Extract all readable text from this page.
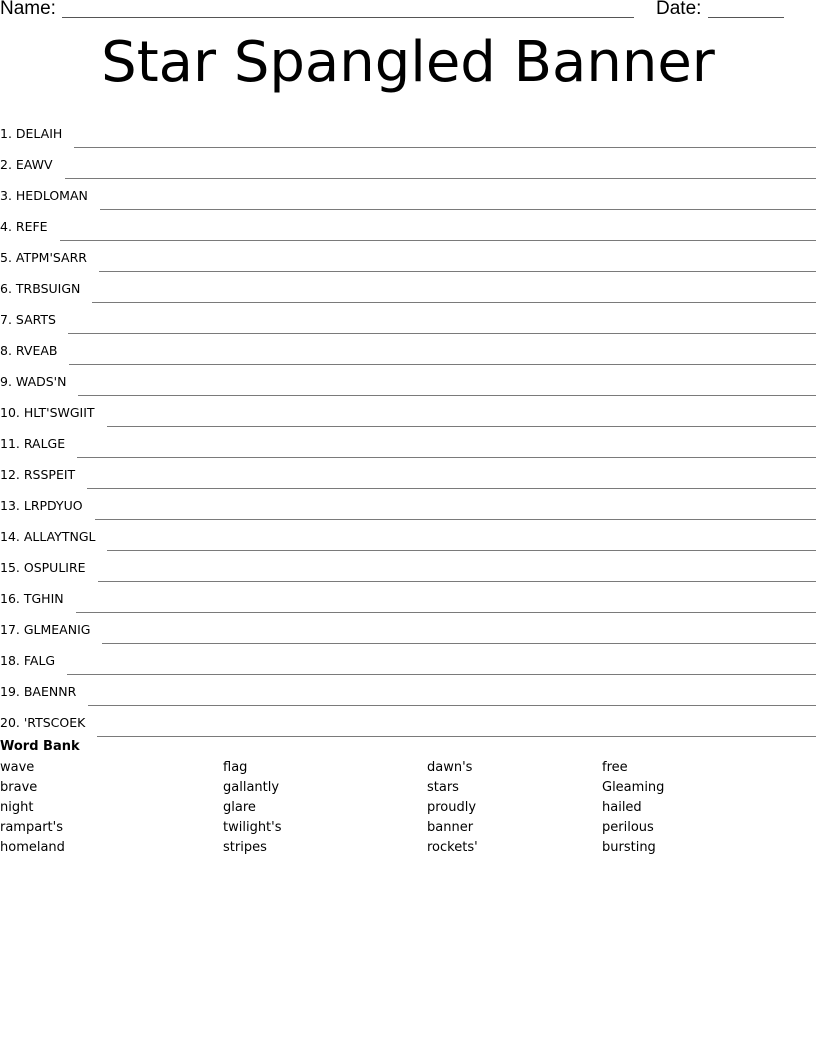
Name:	Date:
Star Spangled Banner
1. DELAIH
2. EAWV
3. HEDLOMAN
4. REFE
5. ATPM'SARR
6. TRBSUIGN
7. SARTS
8. RVEAB
9. WADS'N
10. HLT'SWGIIT
11. RALGE
12. RSSPEIT
13. LRPDYUO
14. ALLAYTNGL
15. OSPULIRE
16. TGHIN
17. GLMEANIG
18. FALG
19. BAENNR
20. 'RTSCOEK
Word Bank
wave
brave
night
rampart's
homeland
flag
gallantly
glare
twilight's
stripes
dawn's
stars
proudly
banner
rockets'
free
Gleaming
hailed
perilous
bursting
